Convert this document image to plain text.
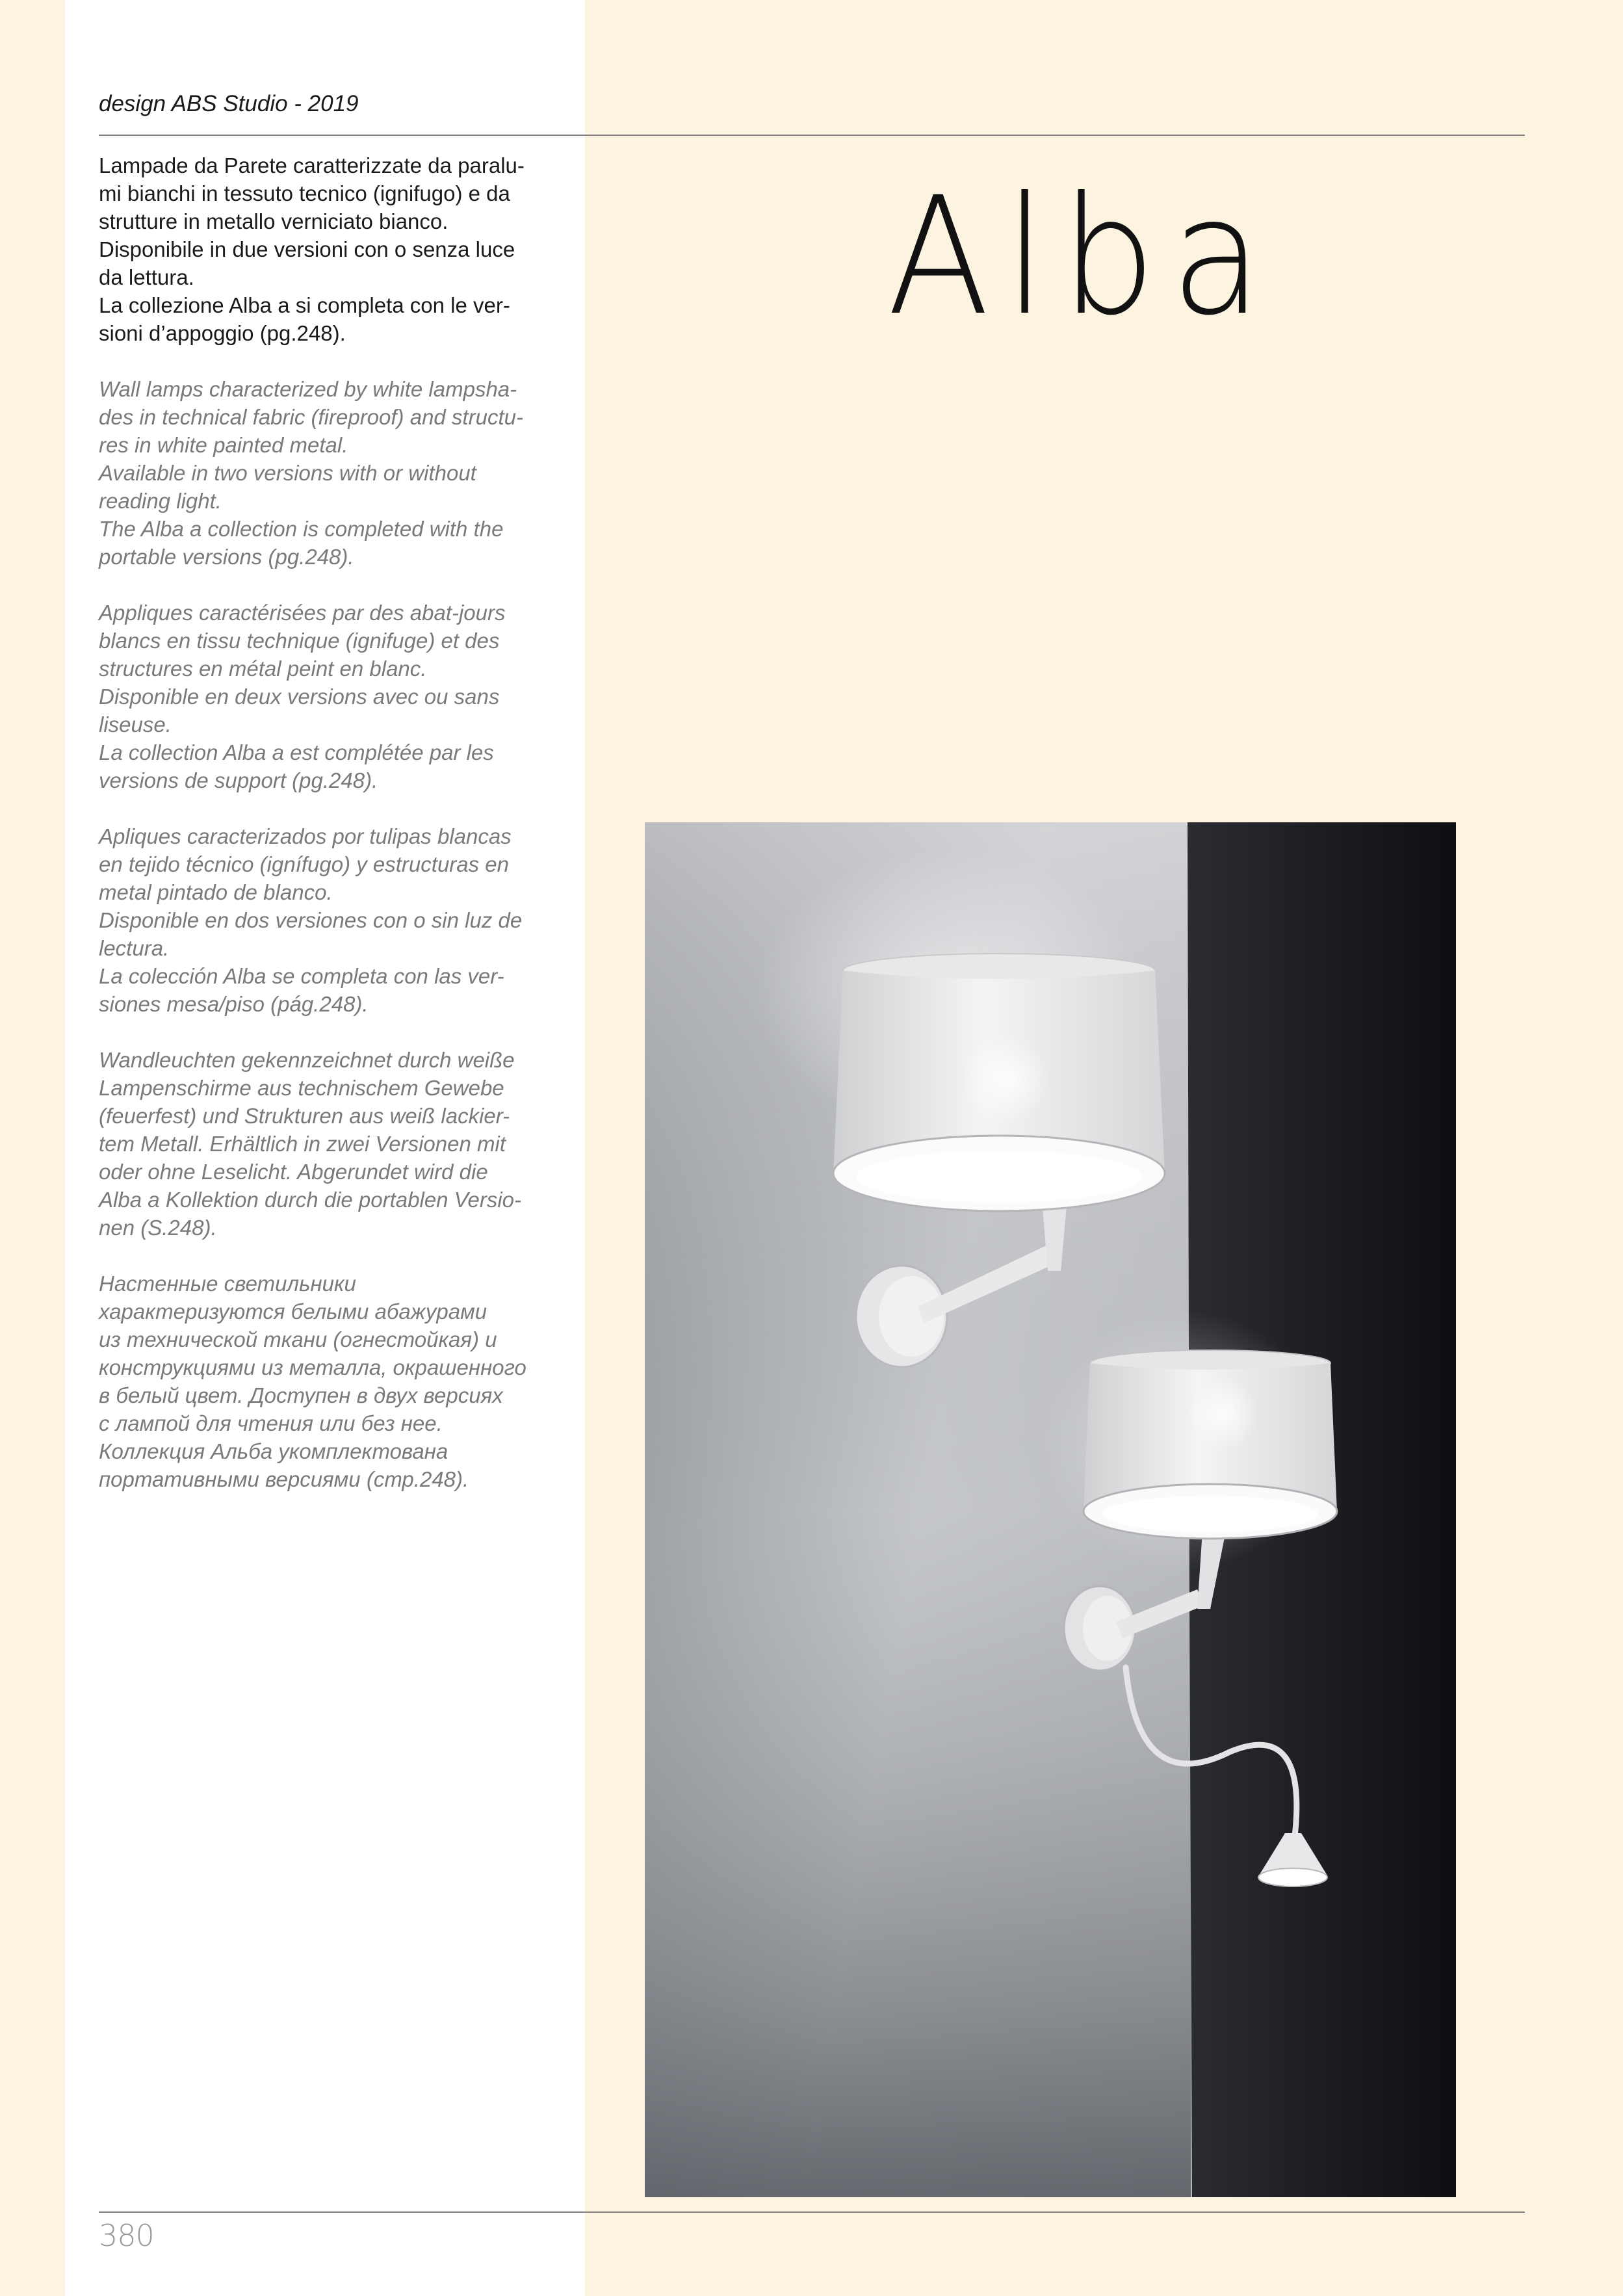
design ABS Studio - 2019

Lampade da Parete caratterizzate da paralu-
mi bianchi in tessuto tecnico (ignifugo) e da
strutture in metallo verniciato bianco.
Disponibile in due versioni con o senza luce
da lettura.
La collezione Alba a si completa con le ver-
sioni d’appoggio (pg.248).

Wall lamps characterized by white lampsha-
des in technical fabric (fireproof) and structu-
res in white painted metal.
Available in two versions with or without
reading light.
The Alba a collection is completed with the
portable versions (pg.248).

Appliques caractérisées par des abat-jours
blancs en tissu technique (ignifuge) et des
structures en métal peint en blanc.
Disponible en deux versions avec ou sans
liseuse.
La collection Alba a est complétée par les
versions de support (pg.248).

Apliques caracterizados por tulipas blancas
en tejido técnico (ignífugo) y estructuras en
metal pintado de blanco.
Disponible en dos versiones con o sin luz de
lectura.
La colección Alba se completa con las ver-
siones mesa/piso (pág.248).

Wandleuchten gekennzeichnet durch weiße
Lampenschirme aus technischem Gewebe
(feuerfest) und Strukturen aus weiß lackier-
tem Metall. Erhältlich in zwei Versionen mit
oder ohne Leselicht. Abgerundet wird die
Alba a Kollektion durch die portablen Versio-
nen (S.248).

Настенные светильники
характеризуются белыми абажурами
из технической ткани (огнестойкая) и
конструкциями из металла, окрашенного
в белый цвет. Доступен в двух версиях
с лампой для чтения или без нее.
Коллекция Альба укомплектована
портативными версиями (стр.248).

Alba

380
